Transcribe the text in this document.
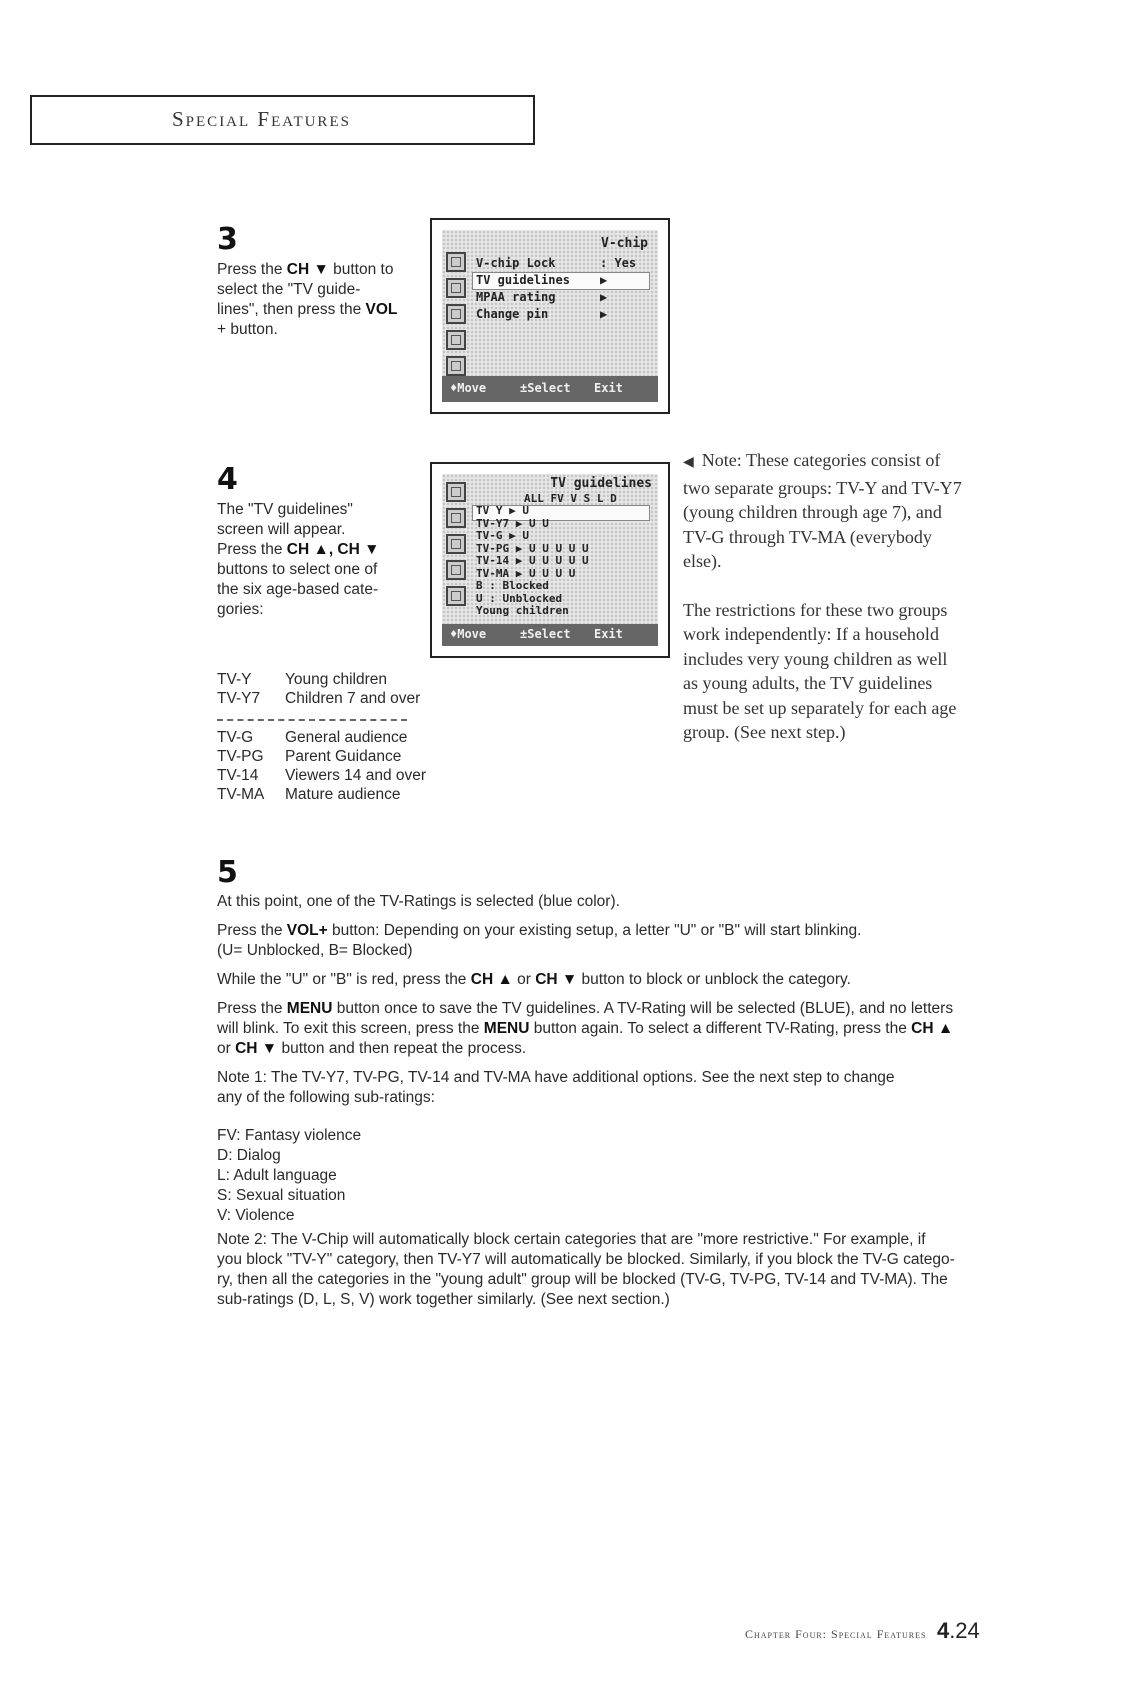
Special Features
3
Press the CH ▼ button to
select the "TV guide-
lines", then press the VOL
+ button.
V-chip
V-chip Lock	: Yes
TV guidelines	▶
MPAA rating	▶
Change pin	▶
♦Move	±Select Exit
4
The "TV guidelines"
screen will appear.
Press the CH ▲, CH ▼
buttons to select one of
the six age-based cate-
gories:
TV guidelines
ALL FV V S L D
TV Y ▶ U
TV-Y7 ▶ U U
TV-G ▶ U
TV-PG ▶ U U U U U
TV-14 ▶ U U U U U
TV-MA ▶ U U U U
B : Blocked
U : Unblocked
Young children
♦Move	±Select Exit
TV-Y Young children
TV-Y7 Children 7 and over
TV-G General audience
TV-PG Parent Guidance
TV-14 Viewers 14 and over
TV-MA Mature audience
◀ Note: These categories consist of
two separate groups: TV-Y and TV-Y7
(young children through age 7), and
TV-G through TV-MA (everybody
else).
The restrictions for these two groups
work independently: If a household
includes very young children as well
as young adults, the TV guidelines
must be set up separately for each age
group. (See next step.)
5
At this point, one of the TV-Ratings is selected (blue color).
Press the VOL+ button: Depending on your existing setup, a letter "U" or "B" will start blinking.
(U= Unblocked, B= Blocked)
While the "U" or "B" is red, press the CH ▲ or CH ▼ button to block or unblock the category.
Press the MENU button once to save the TV guidelines. A TV-Rating will be selected (BLUE), and no letters
will blink. To exit this screen, press the MENU button again. To select a different TV-Rating, press the CH ▲
or CH ▼ button and then repeat the process.
Note 1: The TV-Y7, TV-PG, TV-14 and TV-MA have additional options. See the next step to change
any of the following sub-ratings:
FV: Fantasy violence
D: Dialog
L: Adult language
S: Sexual situation
V: Violence
Note 2: The V-Chip will automatically block certain categories that are "more restrictive." For example, if
you block "TV-Y" category, then TV-Y7 will automatically be blocked. Similarly, if you block the TV-G catego-
ry, then all the categories in the "young adult" group will be blocked (TV-G, TV-PG, TV-14 and TV-MA). The
sub-ratings (D, L, S, V) work together similarly. (See next section.)
Chapter Four: Special Features 4.24
